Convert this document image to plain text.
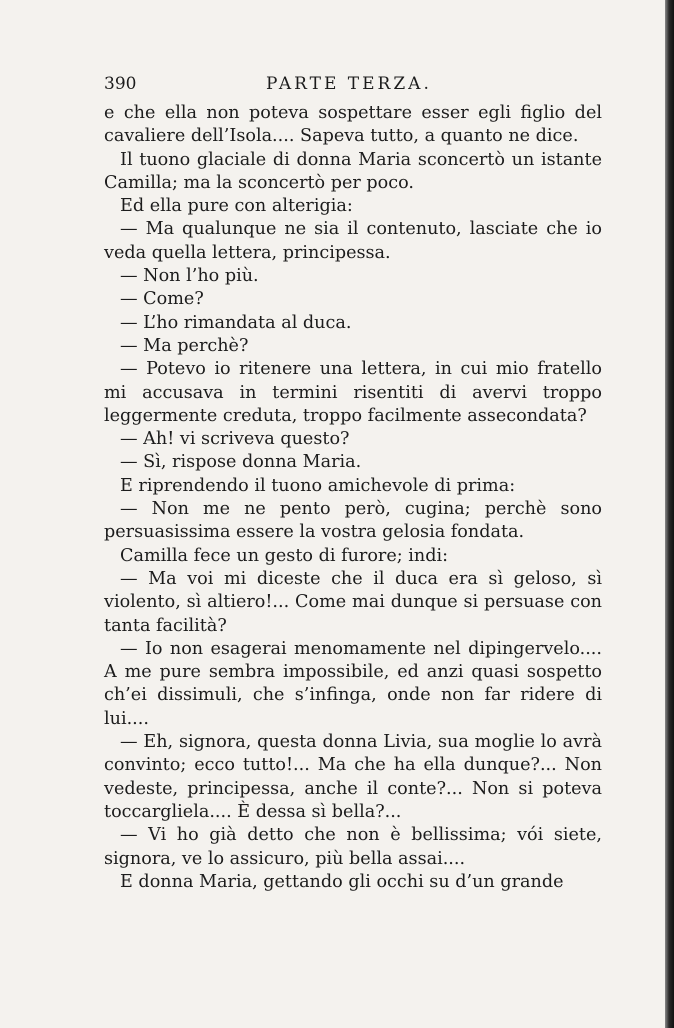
390	PARTE TERZA.

e che ella non poteva sospettare esser egli figlio del cavaliere dell’Isola.... Sapeva tutto, a quanto ne dice.

Il tuono glaciale di donna Maria sconcertò un istante Camilla; ma la sconcertò per poco.

Ed ella pure con alterigia:

— Ma qualunque ne sia il contenuto, lasciate che io veda quella lettera, principessa.

— Non l’ho più.

— Come?

— L’ho rimandata al duca.

— Ma perchè?

— Potevo io ritenere una lettera, in cui mio fratello mi accusava in termini risentiti di avervi troppo leggermente creduta, troppo facilmente assecondata?

— Ah! vi scriveva questo?

— Sì, rispose donna Maria.

E riprendendo il tuono amichevole di prima:

— Non me ne pento però, cugina; perchè sono persuasissima essere la vostra gelosia fondata.

Camilla fece un gesto di furore; indi:

— Ma voi mi diceste che il duca era sì geloso, sì violento, sì altiero!... Come mai dunque si persuase con tanta facilità?

— Io non esagerai menomamente nel dipingervelo.... A me pure sembra impossibile, ed anzi quasi sospetto ch’ei dissimuli, che s’infinga, onde non far ridere di lui....

— Eh, signora, questa donna Livia, sua moglie lo avrà convinto; ecco tutto!... Ma che ha ella dunque?... Non vedeste, principessa, anche il conte?... Non si poteva toccargliela.... È dessa sì bella?...

— Vi ho già detto che non è bellissima; vói siete, signora, ve lo assicuro, più bella assai....

E donna Maria, gettando gli occhi su d’un grande
